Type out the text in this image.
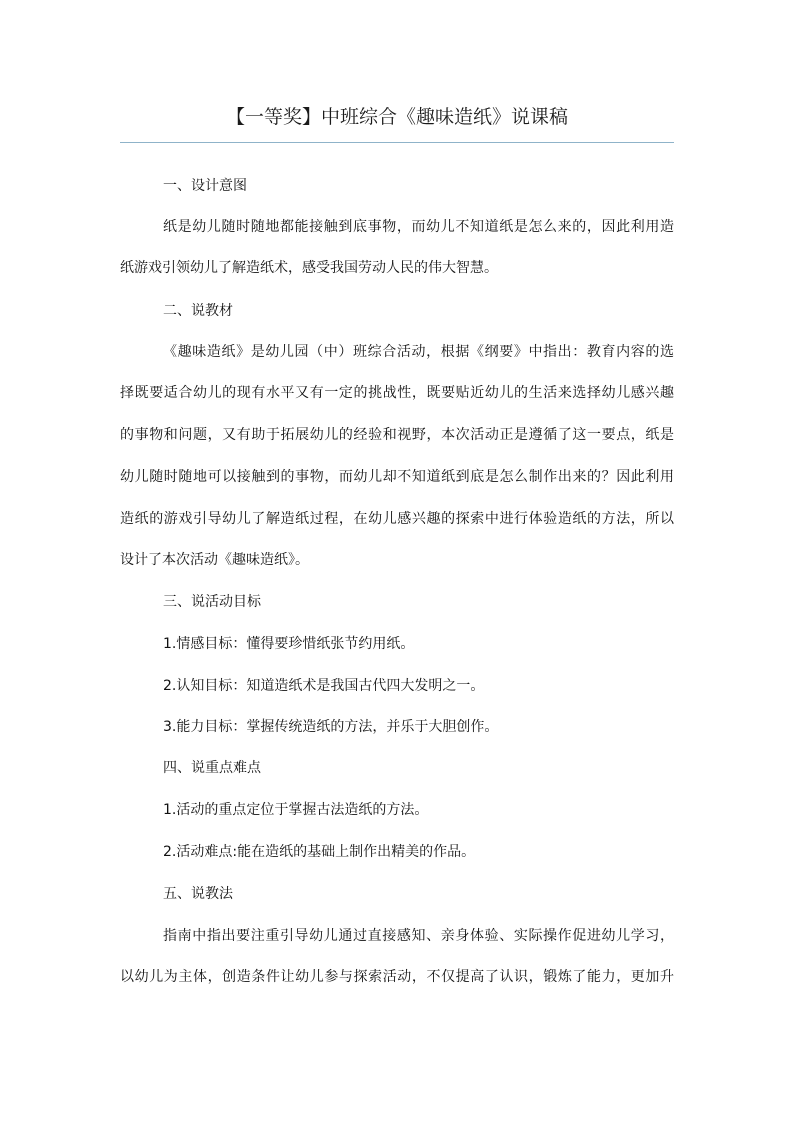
【一等奖】中班综合《趣味造纸》说课稿
一、设计意图
纸是幼儿随时随地都能接触到底事物，而幼儿不知道纸是怎么来的，因此利用造
纸游戏引领幼儿了解造纸术，感受我国劳动人民的伟大智慧。
二、说教材
《趣味造纸》是幼儿园（中）班综合活动，根据《纲要》中指出：教育内容的选
择既要适合幼儿的现有水平又有一定的挑战性，既要贴近幼儿的生活来选择幼儿感兴趣
的事物和问题，又有助于拓展幼儿的经验和视野，本次活动正是遵循了这一要点，纸是
幼儿随时随地可以接触到的事物，而幼儿却不知道纸到底是怎么制作出来的？因此利用
造纸的游戏引导幼儿了解造纸过程，在幼儿感兴趣的探索中进行体验造纸的方法，所以
设计了本次活动《趣味造纸》。
三、说活动目标
1.情感目标：懂得要珍惜纸张节约用纸。
2.认知目标：知道造纸术是我国古代四大发明之一。
3.能力目标：掌握传统造纸的方法，并乐于大胆创作。
四、说重点难点
1.活动的重点定位于掌握古法造纸的方法。
2.活动难点:能在造纸的基础上制作出精美的作品。
五、说教法
指南中指出要注重引导幼儿通过直接感知、亲身体验、实际操作促进幼儿学习，
以幼儿为主体，创造条件让幼儿参与探索活动，不仅提高了认识，锻炼了能力，更加升
